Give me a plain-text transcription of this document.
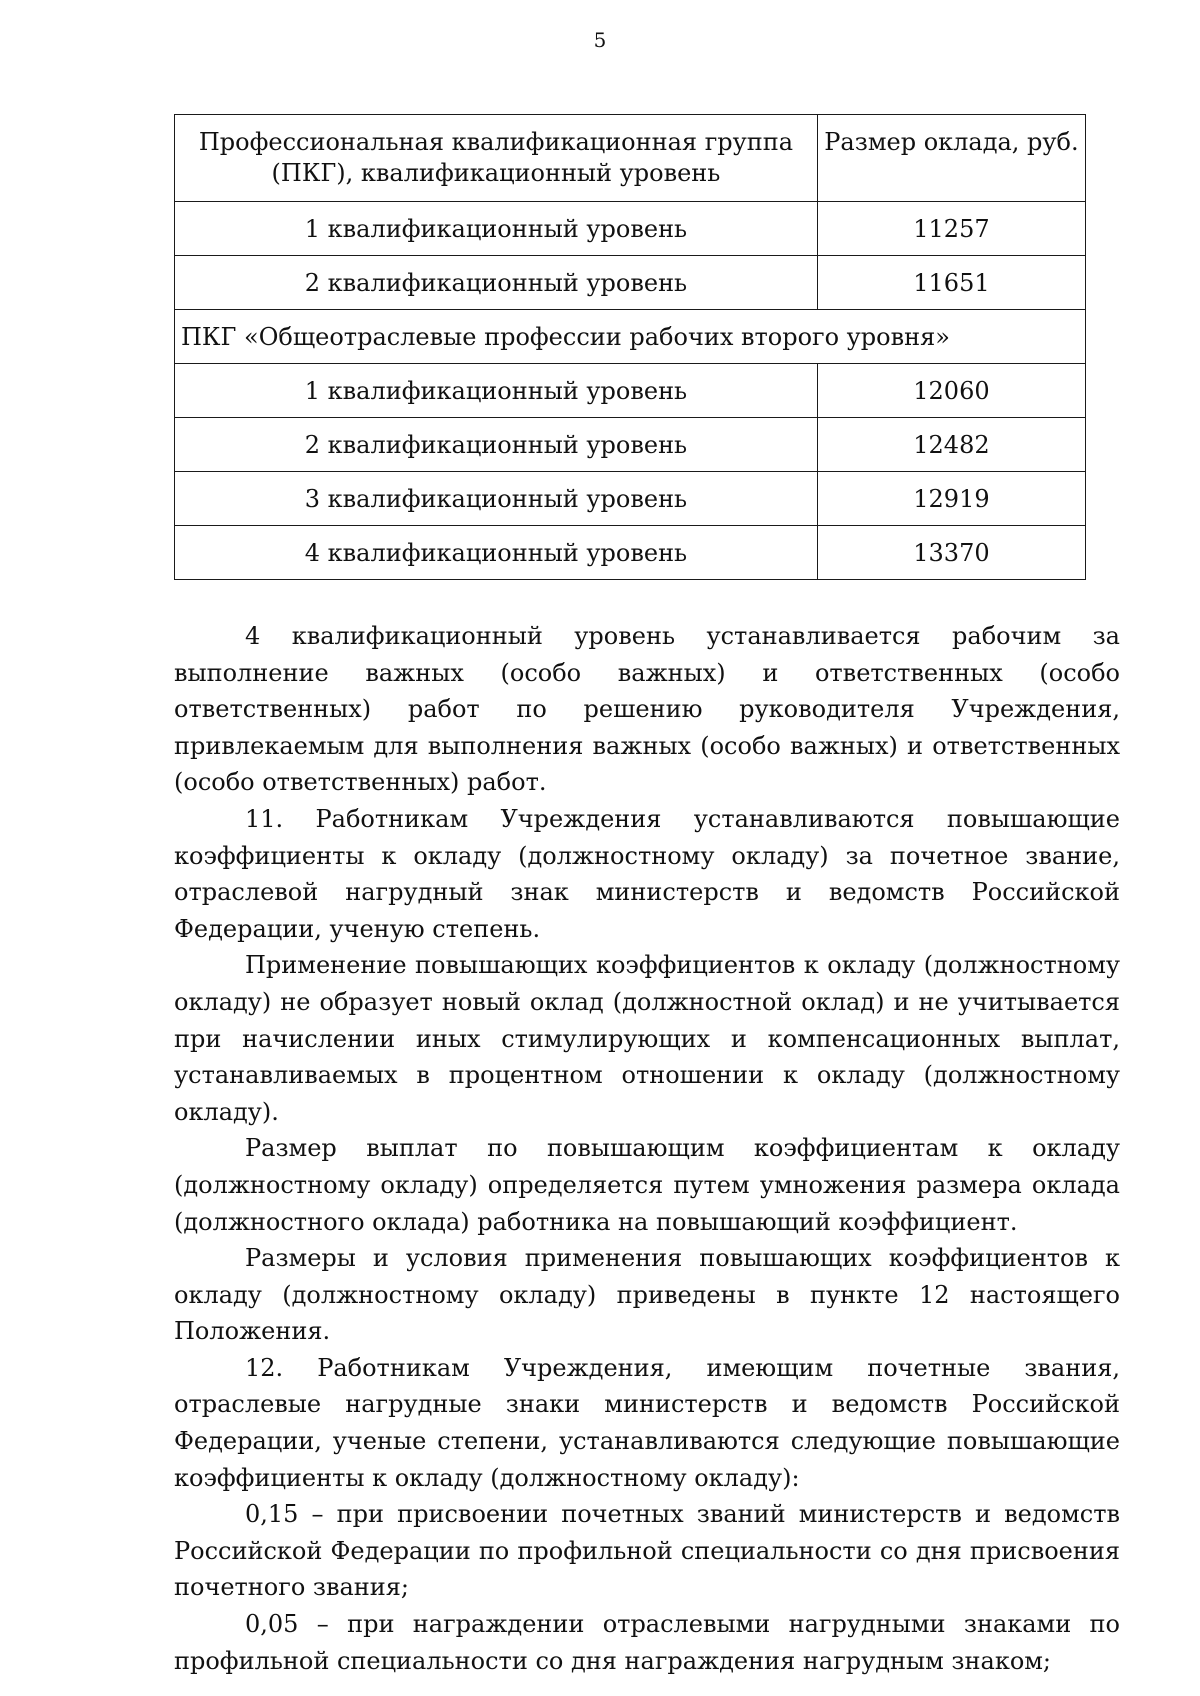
5
Профессиональная квалификационная группа (ПКГ), квалификационный уровень	Размер оклада, руб.
1 квалификационный уровень	11257
2 квалификационный уровень	11651
ПКГ «Общеотраслевые профессии рабочих второго уровня»	
1 квалификационный уровень	12060
2 квалификационный уровень	12482
3 квалификационный уровень	12919
4 квалификационный уровень	13370

4 квалификационный уровень устанавливается рабочим за выполнение важных (особо важных) и ответственных (особо ответственных) работ по решению руководителя Учреждения, привлекаемым для выполнения важных (особо важных) и ответственных (особо ответственных) работ.

11. Работникам Учреждения устанавливаются повышающие коэффициенты к окладу (должностному окладу) за почетное звание, отраслевой нагрудный знак министерств и ведомств Российской Федерации, ученую степень.

Применение повышающих коэффициентов к окладу (должностному окладу) не образует новый оклад (должностной оклад) и не учитывается при начислении иных стимулирующих и компенсационных выплат, устанавливаемых в процентном отношении к окладу (должностному окладу).

Размер выплат по повышающим коэффициентам к окладу (должностному окладу) определяется путем умножения размера оклада (должностного оклада) работника на повышающий коэффициент.

Размеры и условия применения повышающих коэффициентов к окладу (должностному окладу) приведены в пункте 12 настоящего Положения.

12. Работникам Учреждения, имеющим почетные звания, отраслевые нагрудные знаки министерств и ведомств Российской Федерации, ученые степени, устанавливаются следующие повышающие коэффициенты к окладу (должностному окладу):

0,15 – при присвоении почетных званий министерств и ведомств Российской Федерации по профильной специальности со дня присвоения почетного звания;

0,05 – при награждении отраслевыми нагрудными знаками по профильной специальности со дня награждения нагрудным знаком;
